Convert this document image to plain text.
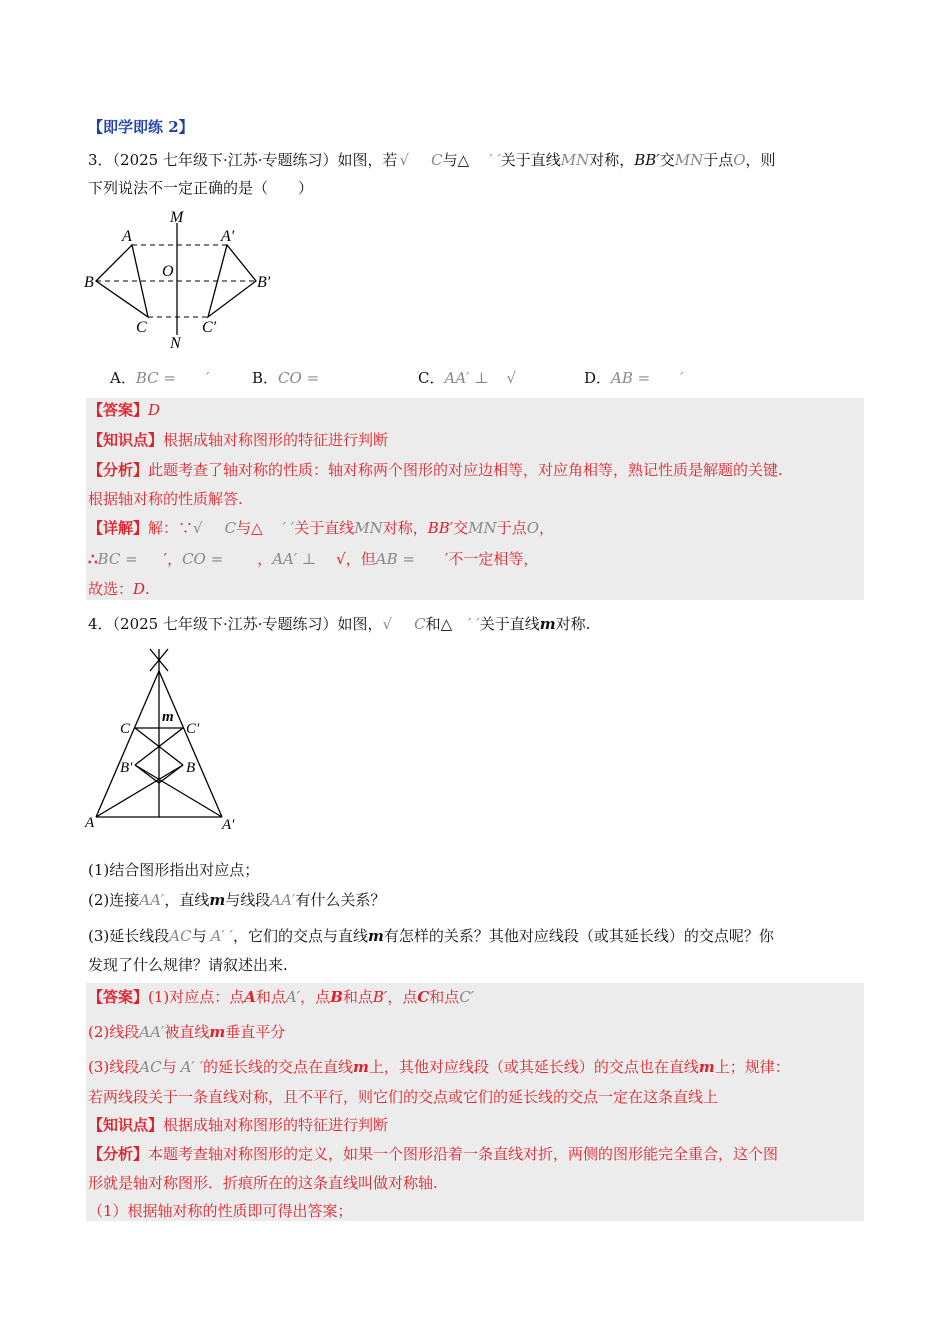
【即学即练 2】
3．（2025 七年级下·江苏·专题练习）如图，若 √ C与△ ′ ′关于直线MN对称，BB′交MN于点O，则
下列说法不一定正确的是（　　）
M
N
A	A′
B	B′
C	C′
O
A．BC = ′	B．CO =	C．AA′ ⊥ √	D．AB = ′
【答案】D
【知识点】根据成轴对称图形的特征进行判断
【分析】此题考查了轴对称的性质：轴对称两个图形的对应边相等，对应角相等，熟记性质是解题的关键.
根据轴对称的性质解答.
【详解】解：∵√ C与△ ′ ′关于直线MN对称，BB′交MN于点O，
∴BC = ′，CO = ，AA′ ⊥ √，但AB = ′不一定相等，
故选：D.
4．（2025 七年级下·江苏·专题练习）如图，√ C和△ ′ ′关于直线m对称.
m
C	C′
B′	B
A	A′
(1)结合图形指出对应点；
(2)连接AA′，直线m与线段AA′有什么关系？
(3)延长线段AC与 A′ ′，它们的交点与直线m有怎样的关系？其他对应线段（或其延长线）的交点呢？你
发现了什么规律？请叙述出来.
【答案】(1)对应点：点A和点A′，点B和点B′，点C和点C′
(2)线段AA′被直线m垂直平分
(3)线段AC与 A′ ′的延长线的交点在直线m上，其他对应线段（或其延长线）的交点也在直线m上；规律：
若两线段关于一条直线对称，且不平行，则它们的交点或它们的延长线的交点一定在这条直线上
【知识点】根据成轴对称图形的特征进行判断
【分析】本题考查轴对称图形的定义，如果一个图形沿着一条直线对折，两侧的图形能完全重合，这个图
形就是轴对称图形．折痕所在的这条直线叫做对称轴.
（1）根据轴对称的性质即可得出答案；
